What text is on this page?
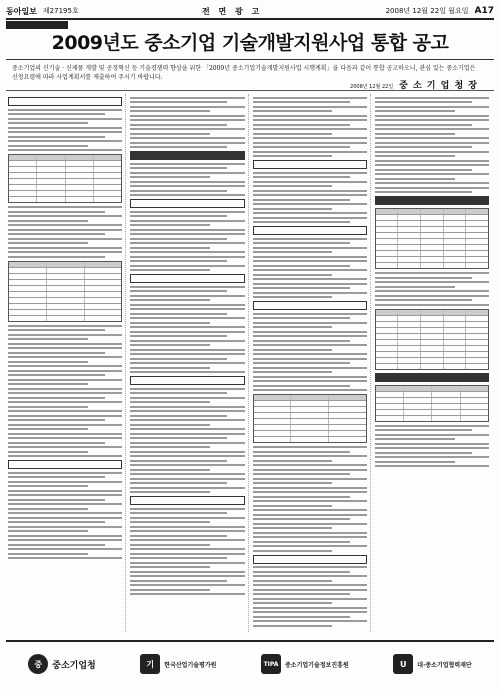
동아일보 제27195호	전 면 광 고	2008년 12월 22일 월요일 A17
2009년도 중소기업 기술개발지원사업 통합 공고

중소기업의 신기술 · 신제품 개발 및 공정혁신 등 기술경쟁력 향상을 위한 「2009년 중소기업기술개발지원사업 시행계획」을 다음과 같이 통합 공고하오니, 관심 있는 중소기업은 신청요령에 따라 사업계획서를 제출하여 주시기 바랍니다.

2008년 12월 22일 중 소 기 업 청 장
중	중소기업청	기	한국산업기술평가원	TIPA	중소기업기술정보진흥원	U	대·중소기업협력재단
